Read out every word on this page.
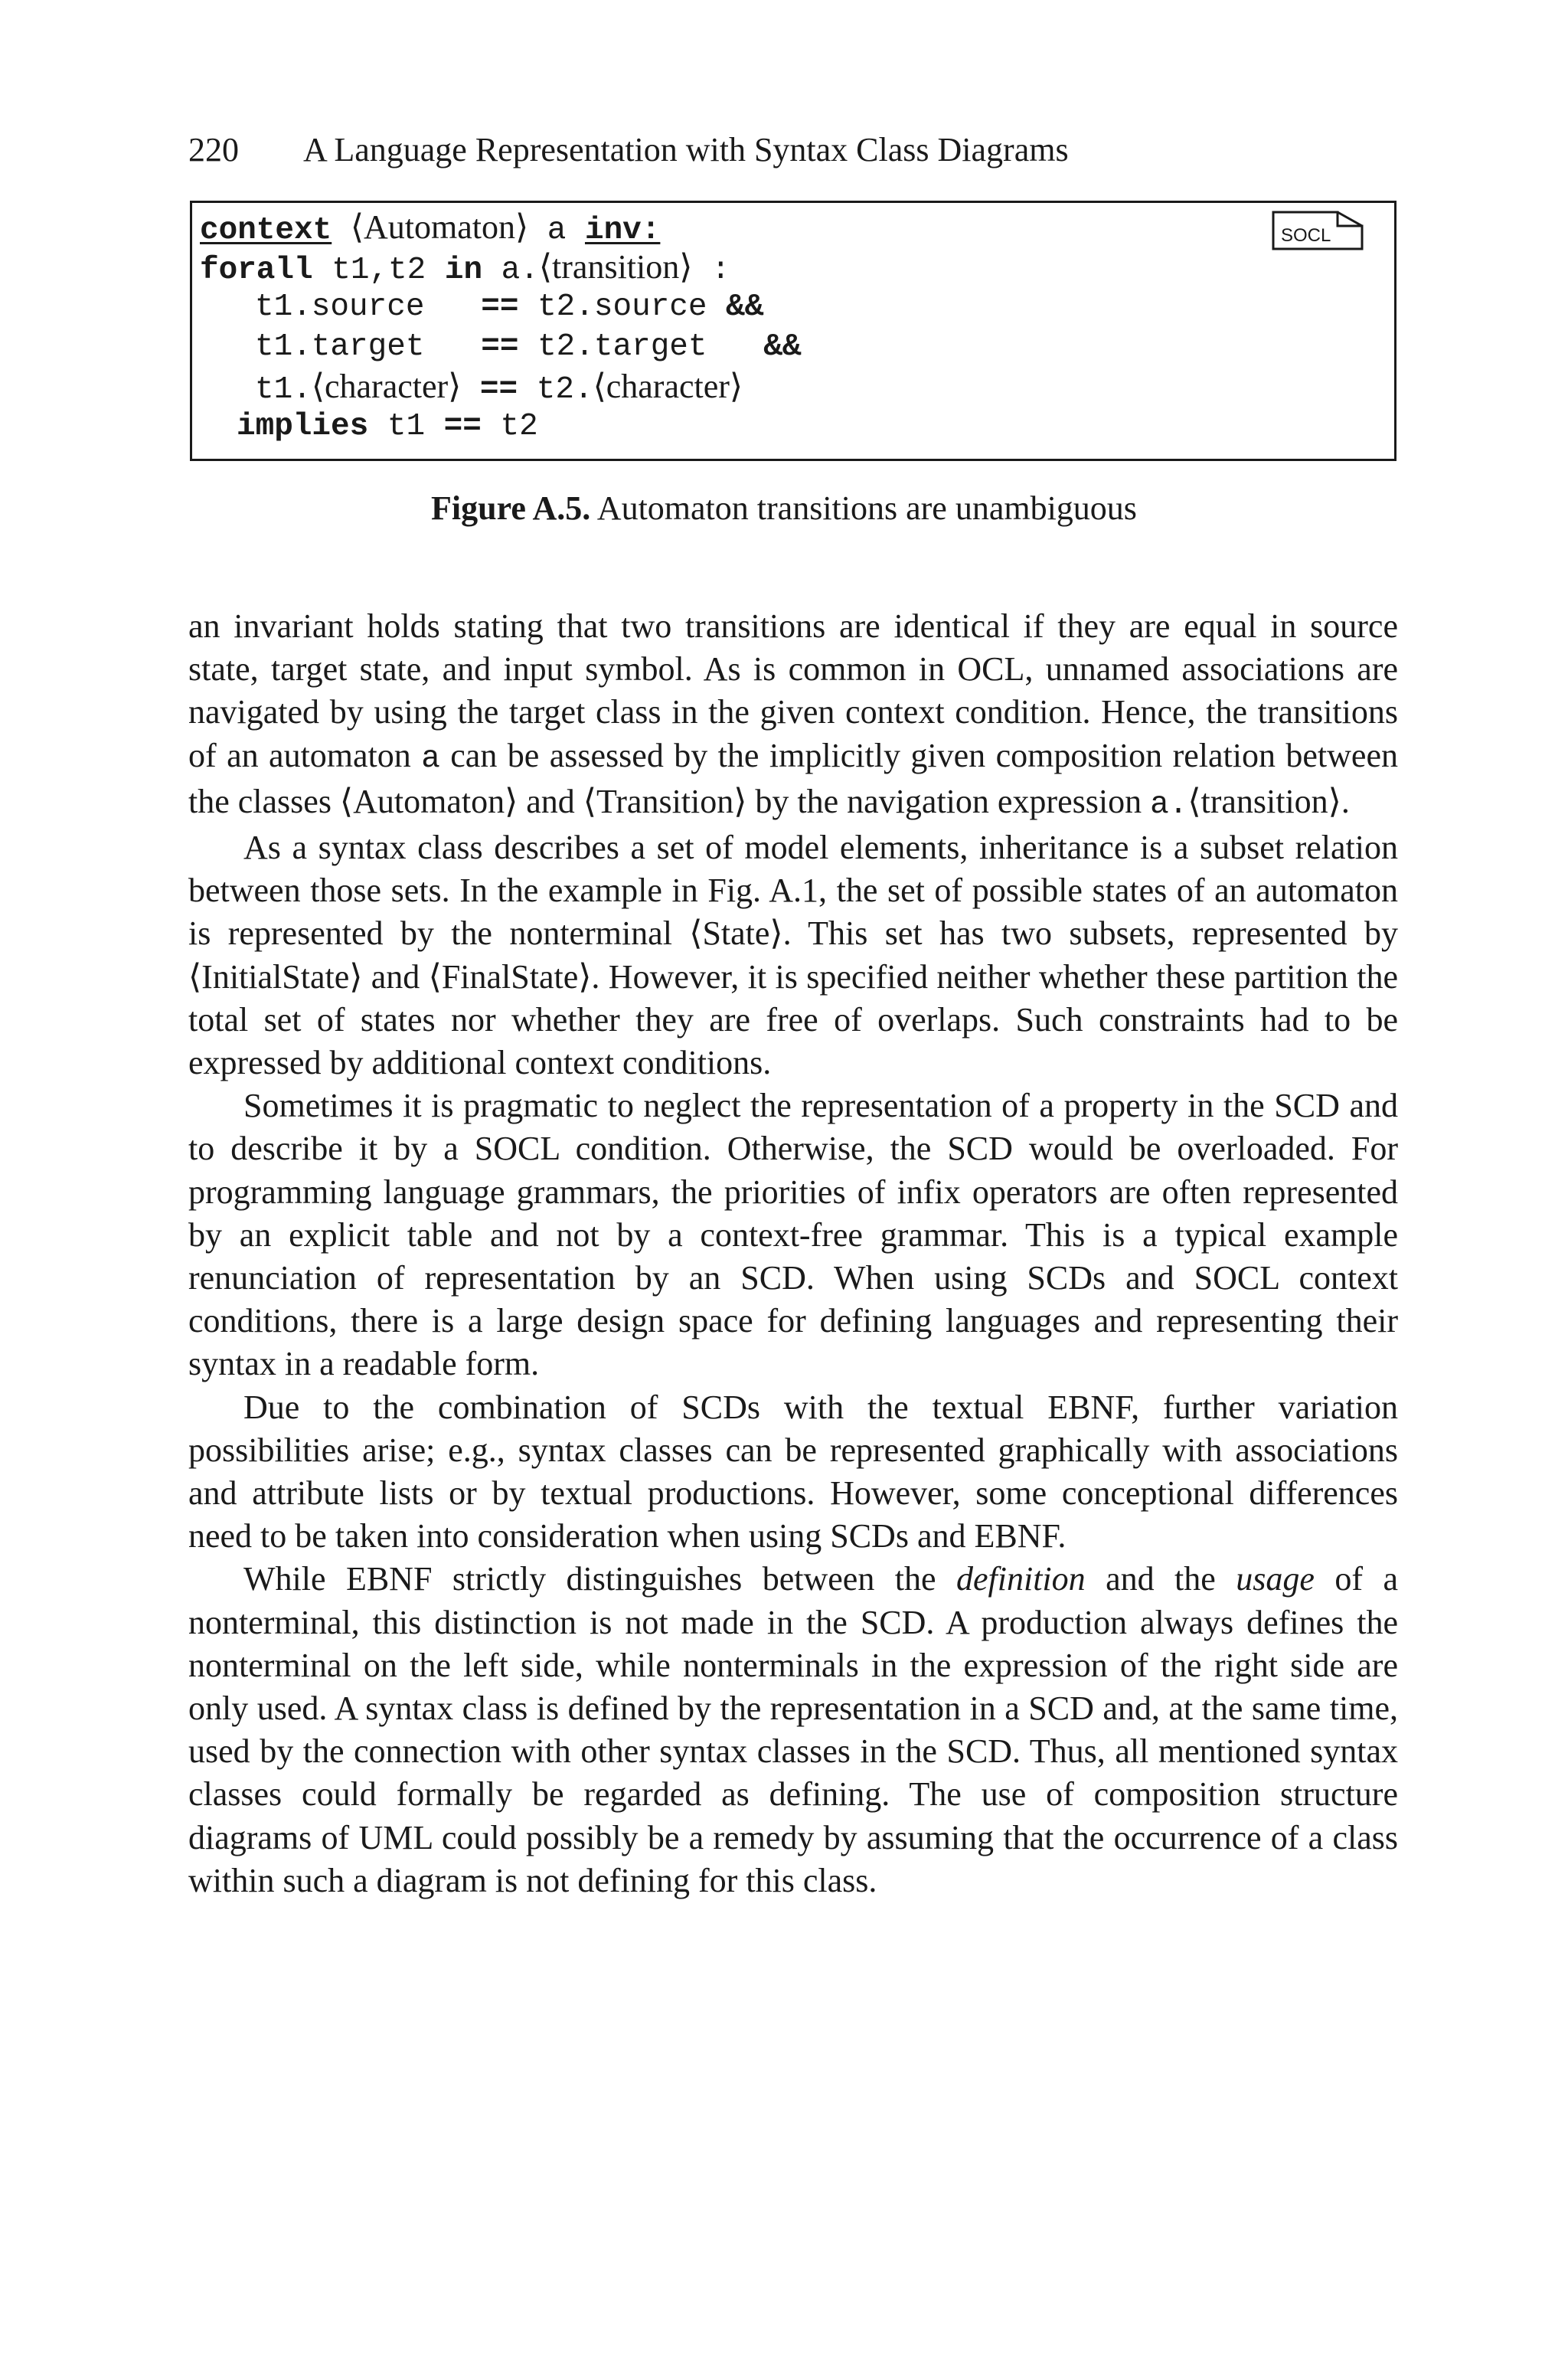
220 A Language Representation with Syntax Class Diagrams
context ⟨Automaton⟩ a inv:
forall t1,t2 in a.⟨transition⟩ :
t1.source   == t2.source &&
t1.target   == t2.target   &&
t1.⟨character⟩ == t2.⟨character⟩
implies t1 == t2
SOCL
Figure A.5. Automaton transitions are unambiguous

an invariant holds stating that two transitions are identical if they are equal in source state, target state, and input symbol. As is common in OCL, unnamed associations are navigated by using the target class in the given context condition. Hence, the transitions of an automaton a can be assessed by the implicitly given composition relation between the classes ⟨Automaton⟩ and ⟨Transition⟩ by the navigation expression a.⟨transition⟩.

As a syntax class describes a set of model elements, inheritance is a subset relation between those sets. In the example in Fig. A.1, the set of possible states of an automaton is represented by the nonterminal ⟨State⟩. This set has two subsets, represented by ⟨InitialState⟩ and ⟨FinalState⟩. However, it is specified neither whether these partition the total set of states nor whether they are free of overlaps. Such constraints had to be expressed by additional context conditions.

Sometimes it is pragmatic to neglect the representation of a property in the SCD and to describe it by a SOCL condition. Otherwise, the SCD would be overloaded. For programming language grammars, the priorities of infix operators are often represented by an explicit table and not by a context-free grammar. This is a typical example renunciation of representation by an SCD. When using SCDs and SOCL context conditions, there is a large design space for defining languages and representing their syntax in a readable form.

Due to the combination of SCDs with the textual EBNF, further variation possibilities arise; e.g., syntax classes can be represented graphically with associations and attribute lists or by textual productions. However, some conceptional differences need to be taken into consideration when using SCDs and EBNF.

While EBNF strictly distinguishes between the definition and the usage of a nonterminal, this distinction is not made in the SCD. A production always defines the nonterminal on the left side, while nonterminals in the expression of the right side are only used. A syntax class is defined by the representation in a SCD and, at the same time, used by the connection with other syntax classes in the SCD. Thus, all mentioned syntax classes could formally be regarded as defining. The use of composition structure diagrams of UML could possibly be a remedy by assuming that the occurrence of a class within such a diagram is not defining for this class.
